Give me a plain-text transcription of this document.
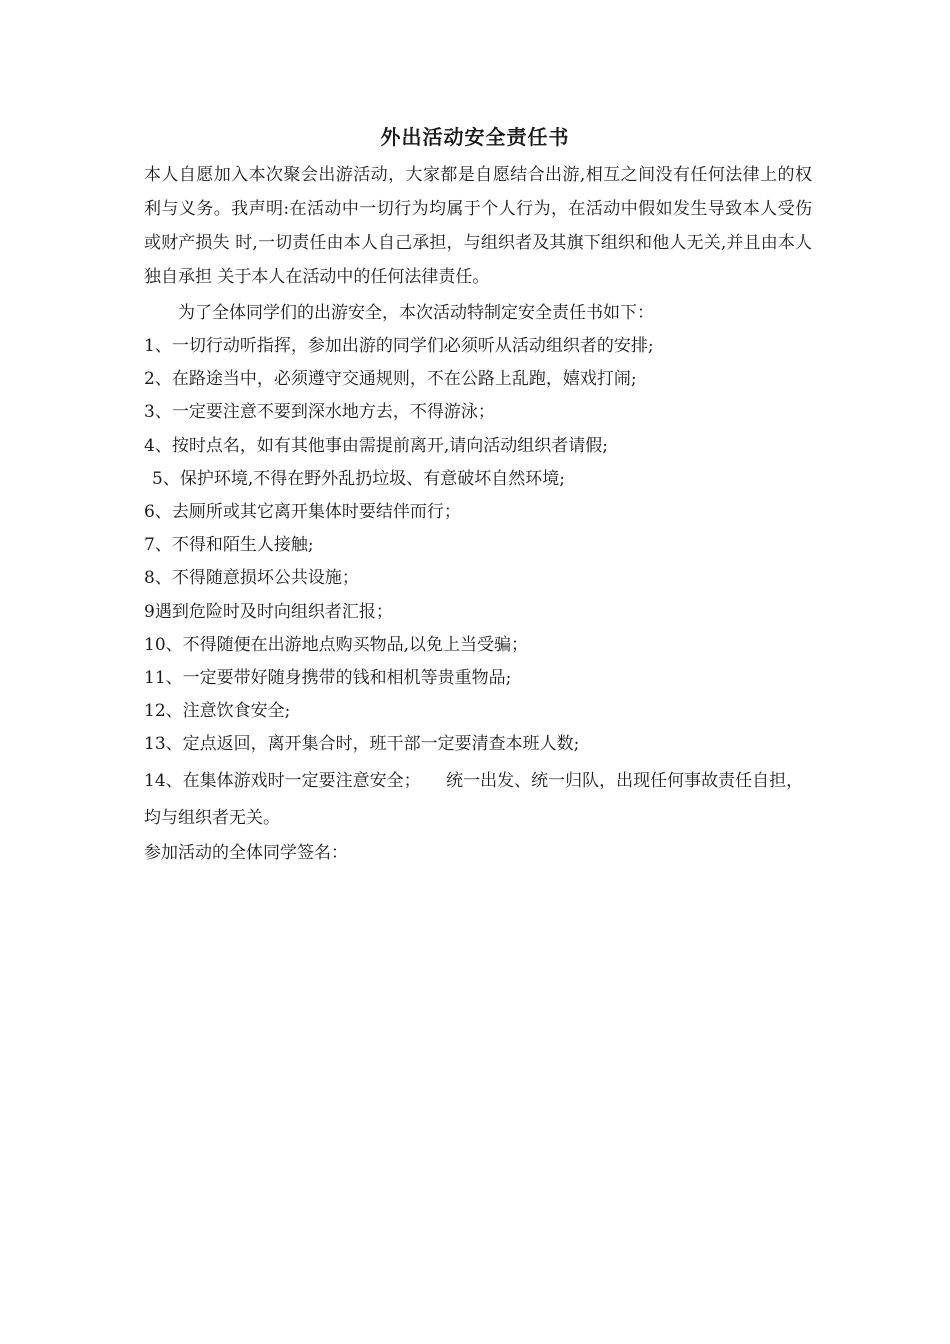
外出活动安全责任书

本人自愿加入本次聚会出游活动，大家都是自愿结合出游,相互之间没有任何法律上的权利与义务。我声明:在活动中一切行为均属于个人行为，在活动中假如发生导致本人受伤或财产损失 时,一切责任由本人自己承担，与组织者及其旗下组织和他人无关,并且由本人独自承担 关于本人在活动中的任何法律责任。

为了全体同学们的出游安全，本次活动特制定安全责任书如下：

1、一切行动听指挥，参加出游的同学们必须听从活动组织者的安排;

2、在路途当中，必须遵守交通规则，不在公路上乱跑，嬉戏打闹;

3、一定要注意不要到深水地方去，不得游泳；

4、按时点名，如有其他事由需提前离开,请向活动组织者请假;

5、保护环境,不得在野外乱扔垃圾、有意破坏自然环境;

6、去厕所或其它离开集体时要结伴而行；

7、不得和陌生人接触;

8、不得随意损坏公共设施；

9遇到危险时及时向组织者汇报；

10、不得随便在出游地点购买物品,以免上当受骗；

11、一定要带好随身携带的钱和相机等贵重物品;

12、注意饮食安全;

13、定点返回，离开集合时，班干部一定要清查本班人数;

14、在集体游戏时一定要注意安全；　　统一出发、统一归队，出现任何事故责任自担，均与组织者无关。

参加活动的全体同学签名：
